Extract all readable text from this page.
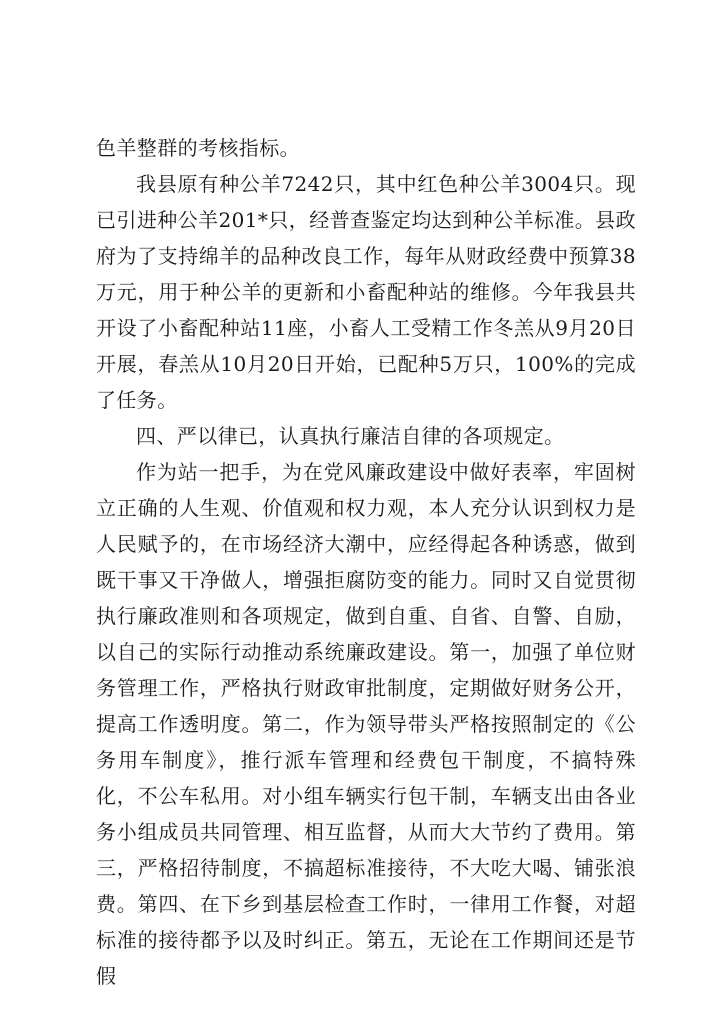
色羊整群的考核指标。

我县原有种公羊7242只，其中红色种公羊3004只。现已引进种公羊201*只，经普查鉴定均达到种公羊标准。县政府为了支持绵羊的品种改良工作，每年从财政经费中预算38万元，用于种公羊的更新和小畜配种站的维修。今年我县共开设了小畜配种站11座，小畜人工受精工作冬羔从9月20日开展，春羔从10月20日开始，已配种5万只，100%的完成了任务。

四、严以律已，认真执行廉洁自律的各项规定。

作为站一把手，为在党风廉政建设中做好表率，牢固树立正确的人生观、价值观和权力观，本人充分认识到权力是人民赋予的，在市场经济大潮中，应经得起各种诱惑，做到既干事又干净做人，增强拒腐防变的能力。同时又自觉贯彻执行廉政准则和各项规定，做到自重、自省、自警、自励，以自己的实际行动推动系统廉政建设。第一，加强了单位财务管理工作，严格执行财政审批制度，定期做好财务公开，提高工作透明度。第二，作为领导带头严格按照制定的《公务用车制度》，推行派车管理和经费包干制度，不搞特殊化，不公车私用。对小组车辆实行包干制，车辆支出由各业务小组成员共同管理、相互监督，从而大大节约了费用。第三，严格招待制度，不搞超标准接待，不大吃大喝、铺张浪费。第四、在下乡到基层检查工作时，一律用工作餐，对超标准的接待都予以及时纠正。第五，无论在工作期间还是节假
